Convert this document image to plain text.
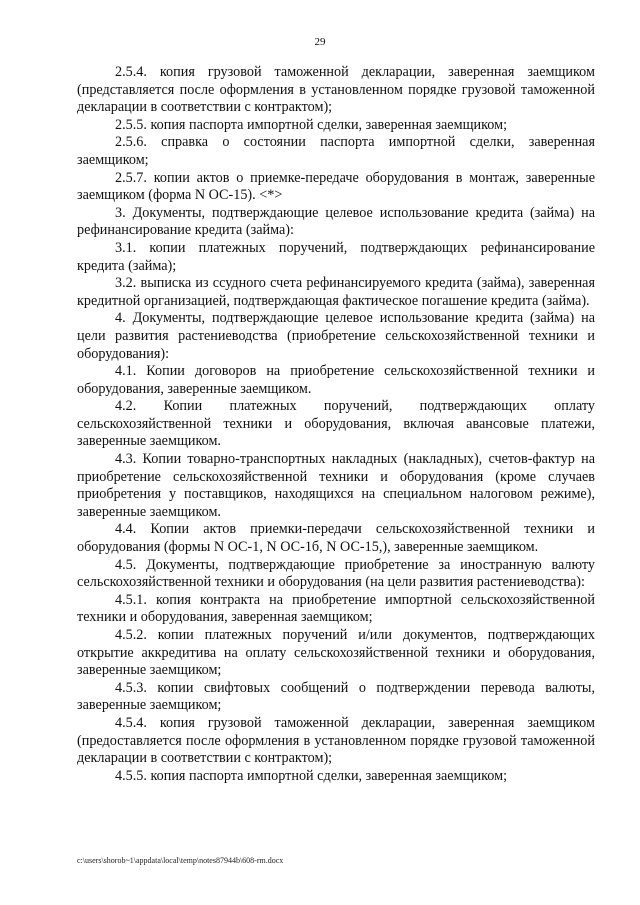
29

2.5.4. копия грузовой таможенной декларации, заверенная заемщиком (представляется после оформления в установленном порядке грузовой таможенной декларации в соответствии с контрактом);

2.5.5. копия паспорта импортной сделки, заверенная заемщиком;

2.5.6. справка о состоянии паспорта импортной сделки, заверенная заемщиком;

2.5.7. копии актов о приемке-передаче оборудования в монтаж, заверенные заемщиком (форма N ОС-15). <*>

3. Документы, подтверждающие целевое использование кредита (займа) на рефинансирование кредита (займа):

3.1. копии платежных поручений, подтверждающих рефинансирование кредита (займа);

3.2. выписка из ссудного счета рефинансируемого кредита (займа), заверенная кредитной организацией, подтверждающая фактическое погашение кредита (займа).

4. Документы, подтверждающие целевое использование кредита (займа) на цели развития растениеводства (приобретение сельскохозяйственной техники и оборудования):

4.1. Копии договоров на приобретение сельскохозяйственной техники и оборудования, заверенные заемщиком.

4.2. Копии платежных поручений, подтверждающих оплату сельскохозяйственной техники и оборудования, включая авансовые платежи, заверенные заемщиком.

4.3. Копии товарно-транспортных накладных (накладных), счетов-фактур на приобретение сельскохозяйственной техники и оборудования (кроме случаев приобретения у поставщиков, находящихся на специальном налоговом режиме), заверенные заемщиком.

4.4. Копии актов приемки-передачи сельскохозяйственной техники и оборудования (формы N ОС-1, N ОС-1б, N ОС-15,), заверенные заемщиком.

4.5. Документы, подтверждающие приобретение за иностранную валюту сельскохозяйственной техники и оборудования (на цели развития растениеводства):

4.5.1. копия контракта на приобретение импортной сельскохозяйственной техники и оборудования, заверенная заемщиком;

4.5.2. копии платежных поручений и/или документов, подтверждающих открытие аккредитива на оплату сельскохозяйственной техники и оборудования, заверенные заемщиком;

4.5.3. копии свифтовых сообщений о подтверждении перевода валюты, заверенные заемщиком;

4.5.4. копия грузовой таможенной декларации, заверенная заемщиком (предоставляется после оформления в установленном порядке грузовой таможенной декларации в соответствии с контрактом);

4.5.5. копия паспорта импортной сделки, заверенная заемщиком;

c:\users\shorob~1\appdata\local\temp\notes87944b\608-rm.docx
